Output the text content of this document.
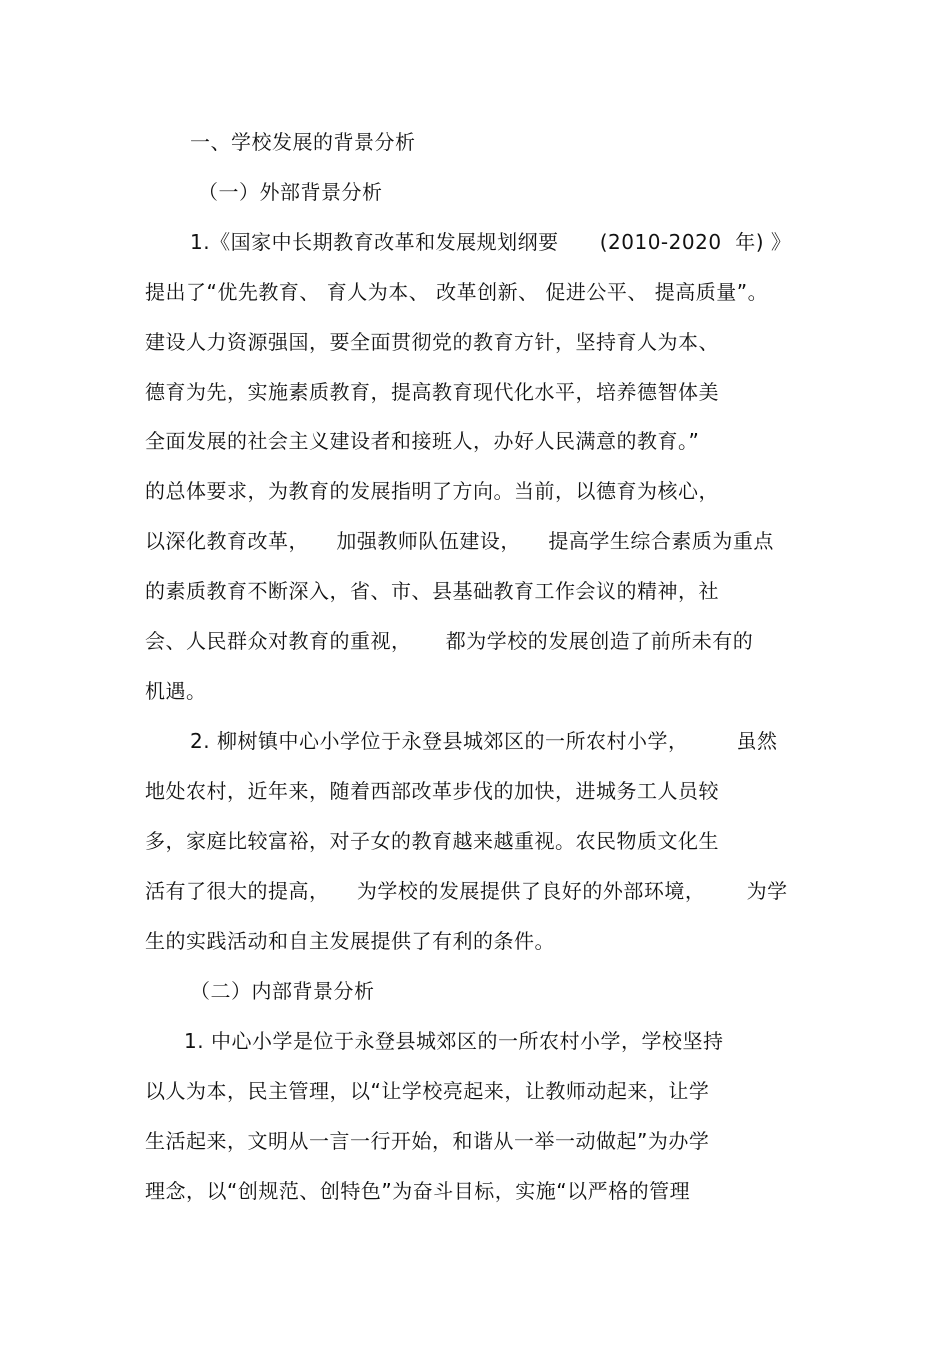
一、学校发展的背景分析
（一）外部背景分析
1.《国家中长期教育改革和发展规划纲要      (2010-2020  年) 》
提出了“优先教育、 育人为本、 改革创新、 促进公平、 提高质量”。
建设人力资源强国，要全面贯彻党的教育方针，坚持育人为本、
德育为先，实施素质教育，提高教育现代化水平，培养德智体美
全面发展的社会主义建设者和接班人，办好人民满意的教育。”
的总体要求，为教育的发展指明了方向。当前，以德育为核心，
以深化教育改革，    加强教师队伍建设，    提高学生综合素质为重点
的素质教育不断深入，省、市、县基础教育工作会议的精神，社
会、人民群众对教育的重视，     都为学校的发展创造了前所未有的
机遇。
2. 柳树镇中心小学位于永登县城郊区的一所农村小学，       虽然
地处农村，近年来，随着西部改革步伐的加快，进城务工人员较
多，家庭比较富裕，对子女的教育越来越重视。农民物质文化生
活有了很大的提高，    为学校的发展提供了良好的外部环境，      为学
生的实践活动和自主发展提供了有利的条件。
（二）内部背景分析
1. 中心小学是位于永登县城郊区的一所农村小学，学校坚持
以人为本，民主管理，以“让学校亮起来，让教师动起来，让学
生活起来，文明从一言一行开始，和谐从一举一动做起”为办学
理念，以“创规范、创特色”为奋斗目标，实施“以严格的管理
